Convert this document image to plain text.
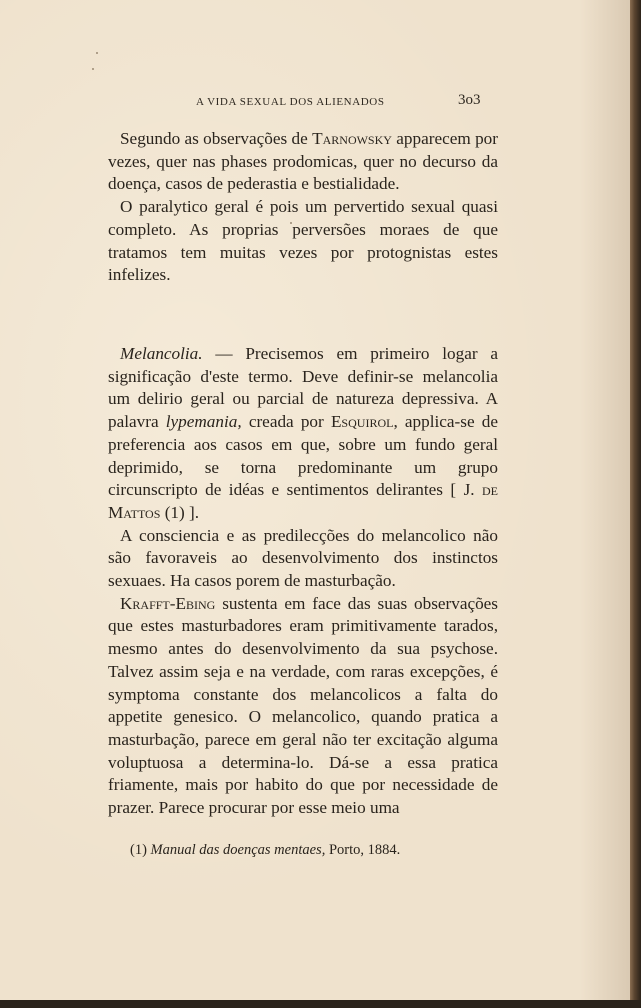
A VIDA SEXUAL DOS ALIENADOS	3o3

Segundo as observações de Tarnowsky apparecem por vezes, quer nas phases prodomicas, quer no decurso da doença, casos de pederastia e bestialidade.

O paralytico geral é pois um pervertido sexual quasi completo. As proprias perversões moraes de que tratamos tem muitas vezes por protognistas estes infelizes.

Melancolia. — Precisemos em primeiro logar a significação d'este termo. Deve definir-se melancolia um delirio geral ou parcial de natureza depressiva. A palavra lypemania, creada por Esquirol, applica-se de preferencia aos casos em que, sobre um fundo geral deprimido, se torna predominante um grupo circunscripto de idéas e sentimentos delirantes [ J. de Mattos (1) ].

A consciencia e as predilecções do melancolico não são favoraveis ao desenvolvimento dos instinctos sexuaes. Ha casos porem de masturbação.

Krafft-Ebing sustenta em face das suas observações que estes masturbadores eram primitivamente tarados, mesmo antes do desenvolvimento da sua psychose. Talvez assim seja e na verdade, com raras excepções, é symptoma constante dos melancolicos a falta do appetite genesico. O melancolico, quando pratica a masturbação, parece em geral não ter excitação alguma voluptuosa a determina-lo. Dá-se a essa pratica friamente, mais por habito do que por necessidade de prazer. Parece procurar por esse meio uma

(1) Manual das doenças mentaes, Porto, 1884.
